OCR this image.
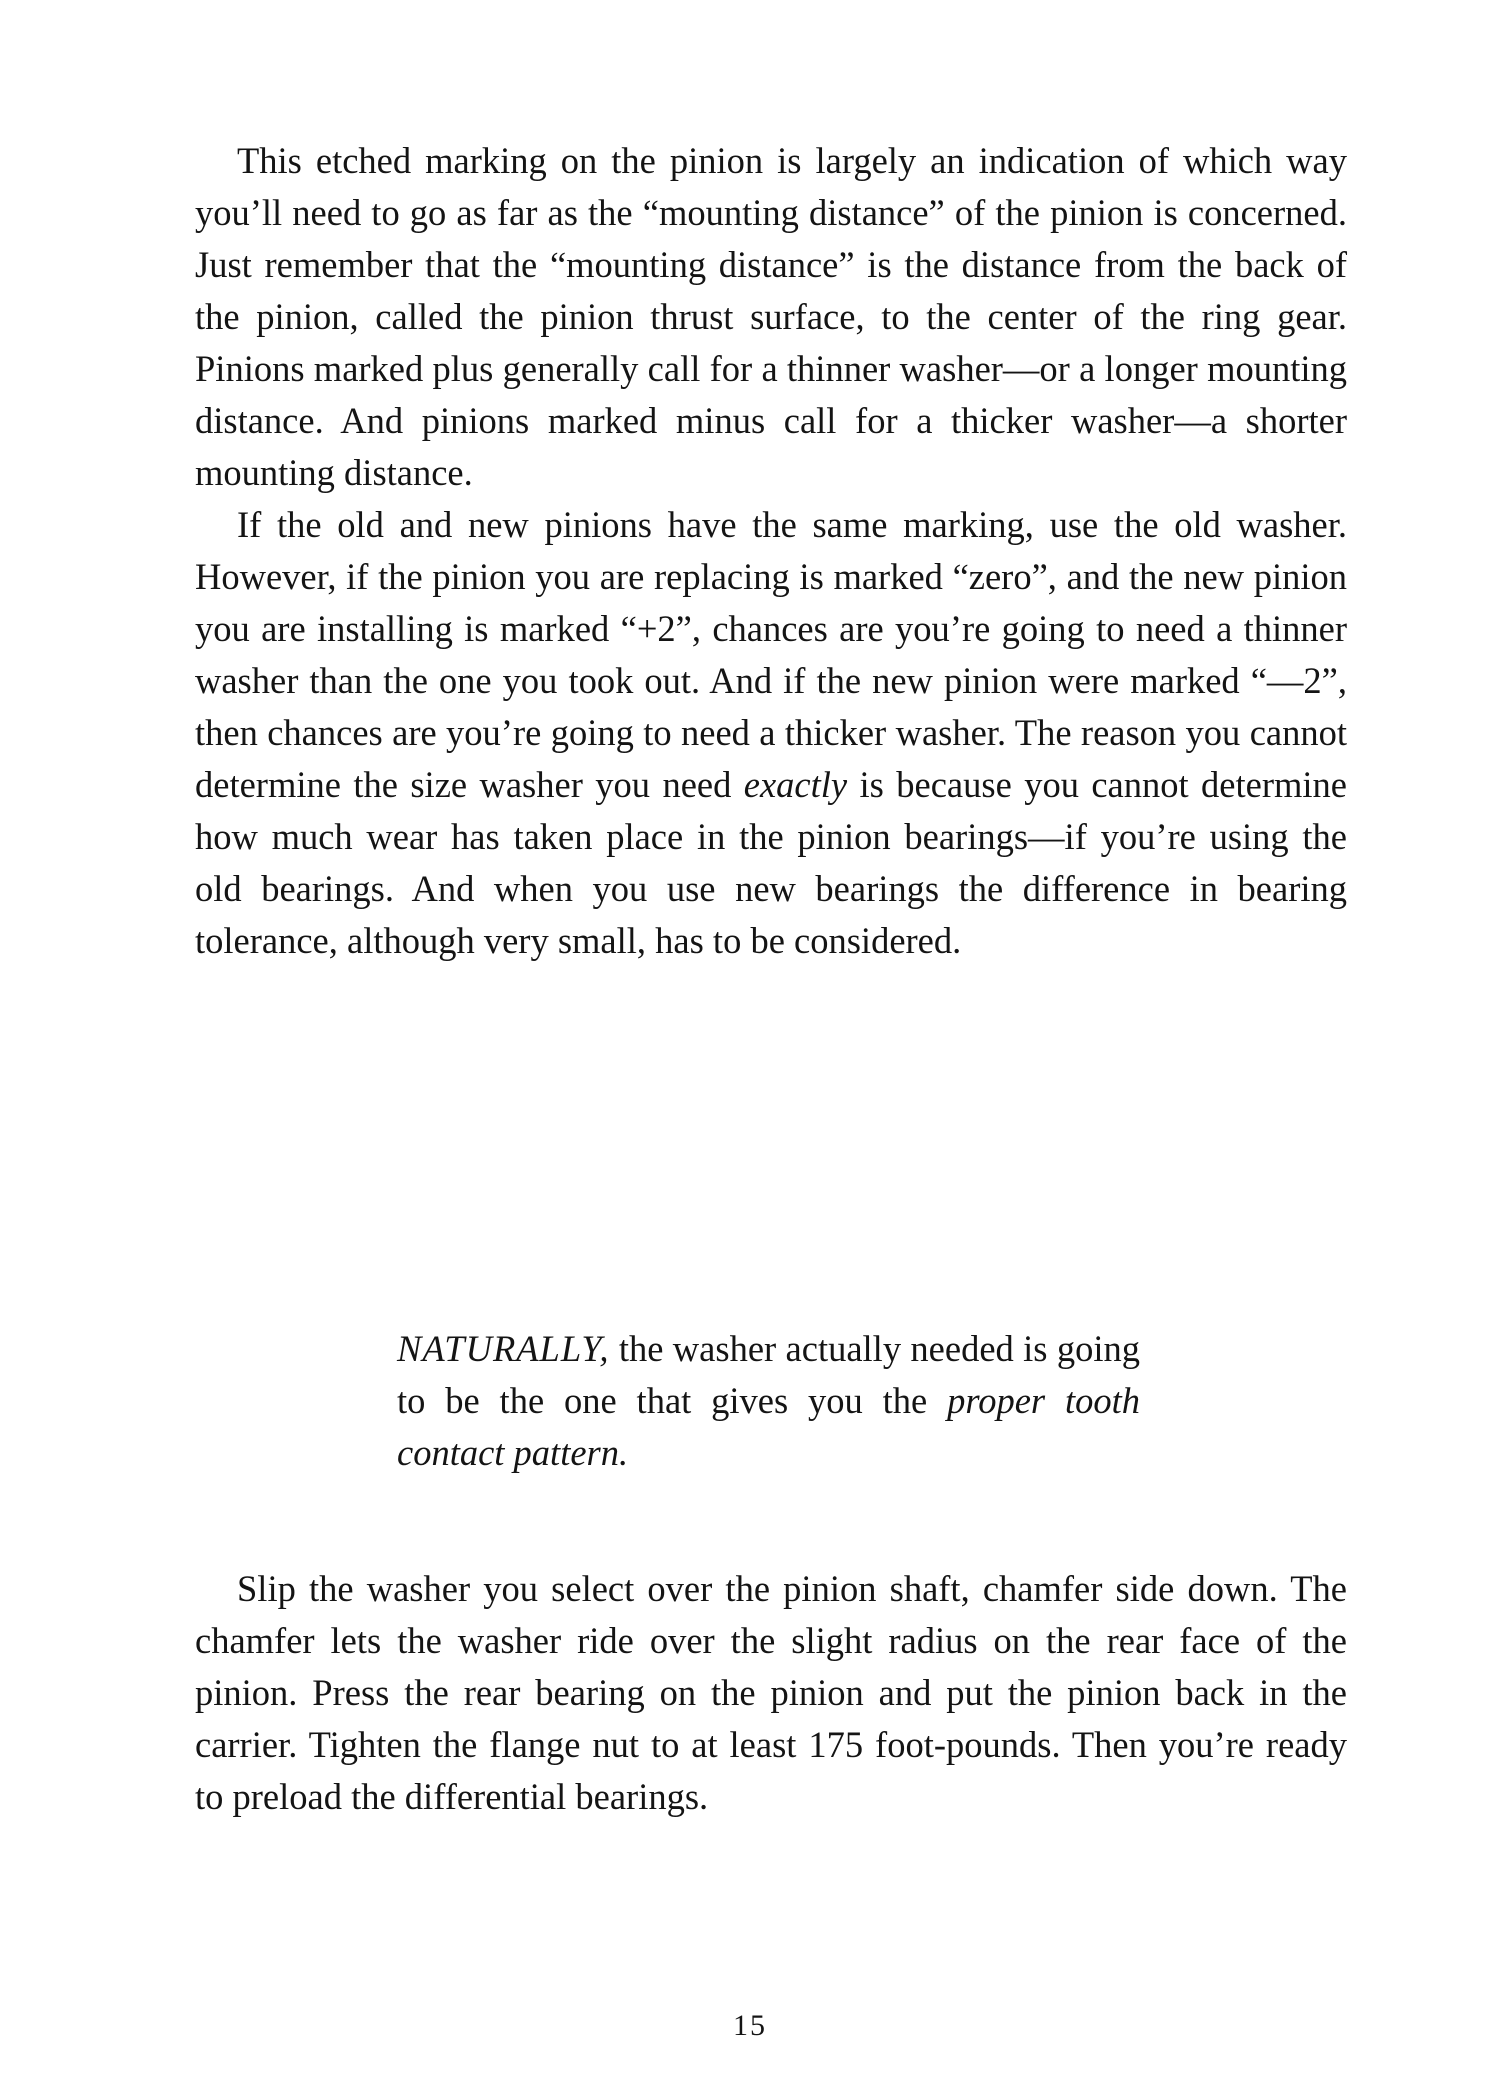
This etched marking on the pinion is largely an indication of which way you’ll need to go as far as the “mounting distance” of the pinion is concerned. Just remember that the “mounting distance” is the distance from the back of the pinion, called the pinion thrust surface, to the center of the ring gear. Pinions marked plus generally call for a thinner washer—or a longer mounting distance. And pinions marked minus call for a thicker washer—a shorter mounting distance.

If the old and new pinions have the same marking, use the old washer. However, if the pinion you are replacing is marked “zero”, and the new pinion you are installing is marked “+2”, chances are you’re going to need a thinner washer than the one you took out. And if the new pinion were marked “—2”, then chances are you’re going to need a thicker washer. The reason you cannot determine the size washer you need exactly is because you cannot determine how much wear has taken place in the pinion bearings—if you’re using the old bearings. And when you use new bearings the difference in bearing tolerance, although very small, has to be considered.

NATURALLY, the washer actually needed is going to be the one that gives you the proper tooth contact pattern.

Slip the washer you select over the pinion shaft, chamfer side down. The chamfer lets the washer ride over the slight radius on the rear face of the pinion. Press the rear bearing on the pinion and put the pinion back in the carrier. Tighten the flange nut to at least 175 foot-pounds. Then you’re ready to preload the differential bearings.

15
